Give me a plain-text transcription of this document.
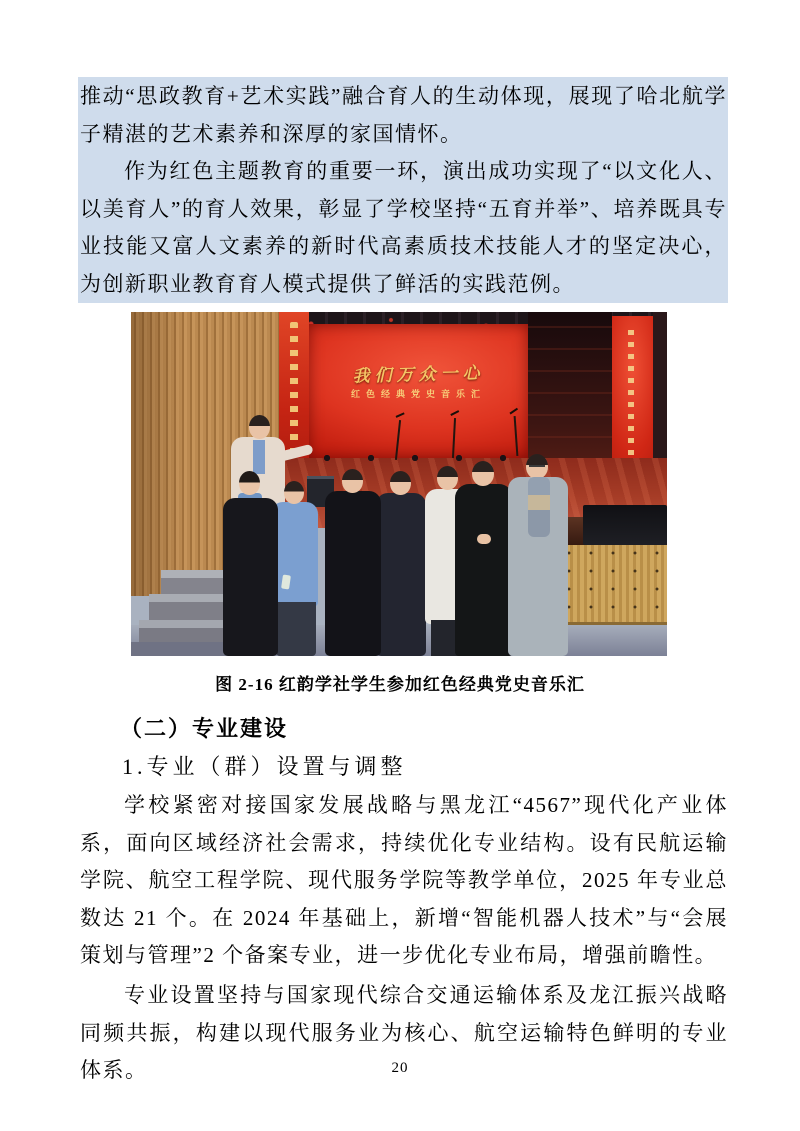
推动“思政教育+艺术实践”融合育人的生动体现，展现了哈北航学子精湛的艺术素养和深厚的家国情怀。

作为红色主题教育的重要一环，演出成功实现了“以文化人、以美育人”的育人效果，彰显了学校坚持“五育并举”、培养既具专业技能又富人文素养的新时代高素质技术技能人才的坚定决心，为创新职业教育育人模式提供了鲜活的实践范例。

我们万众一心
红色经典党史音乐汇
图 2-16 红韵学社学生参加红色经典党史音乐汇
（二）专业建设
1.专业（群）设置与调整

学校紧密对接国家发展战略与黑龙江“4567”现代化产业体系，面向区域经济社会需求，持续优化专业结构。设有民航运输学院、航空工程学院、现代服务学院等教学单位，2025 年专业总数达 21 个。在 2024 年基础上，新增“智能机器人技术”与“会展策划与管理”2 个备案专业，进一步优化专业布局，增强前瞻性。

专业设置坚持与国家现代综合交通运输体系及龙江振兴战略同频共振，构建以现代服务业为核心、航空运输特色鲜明的专业体系。	20
